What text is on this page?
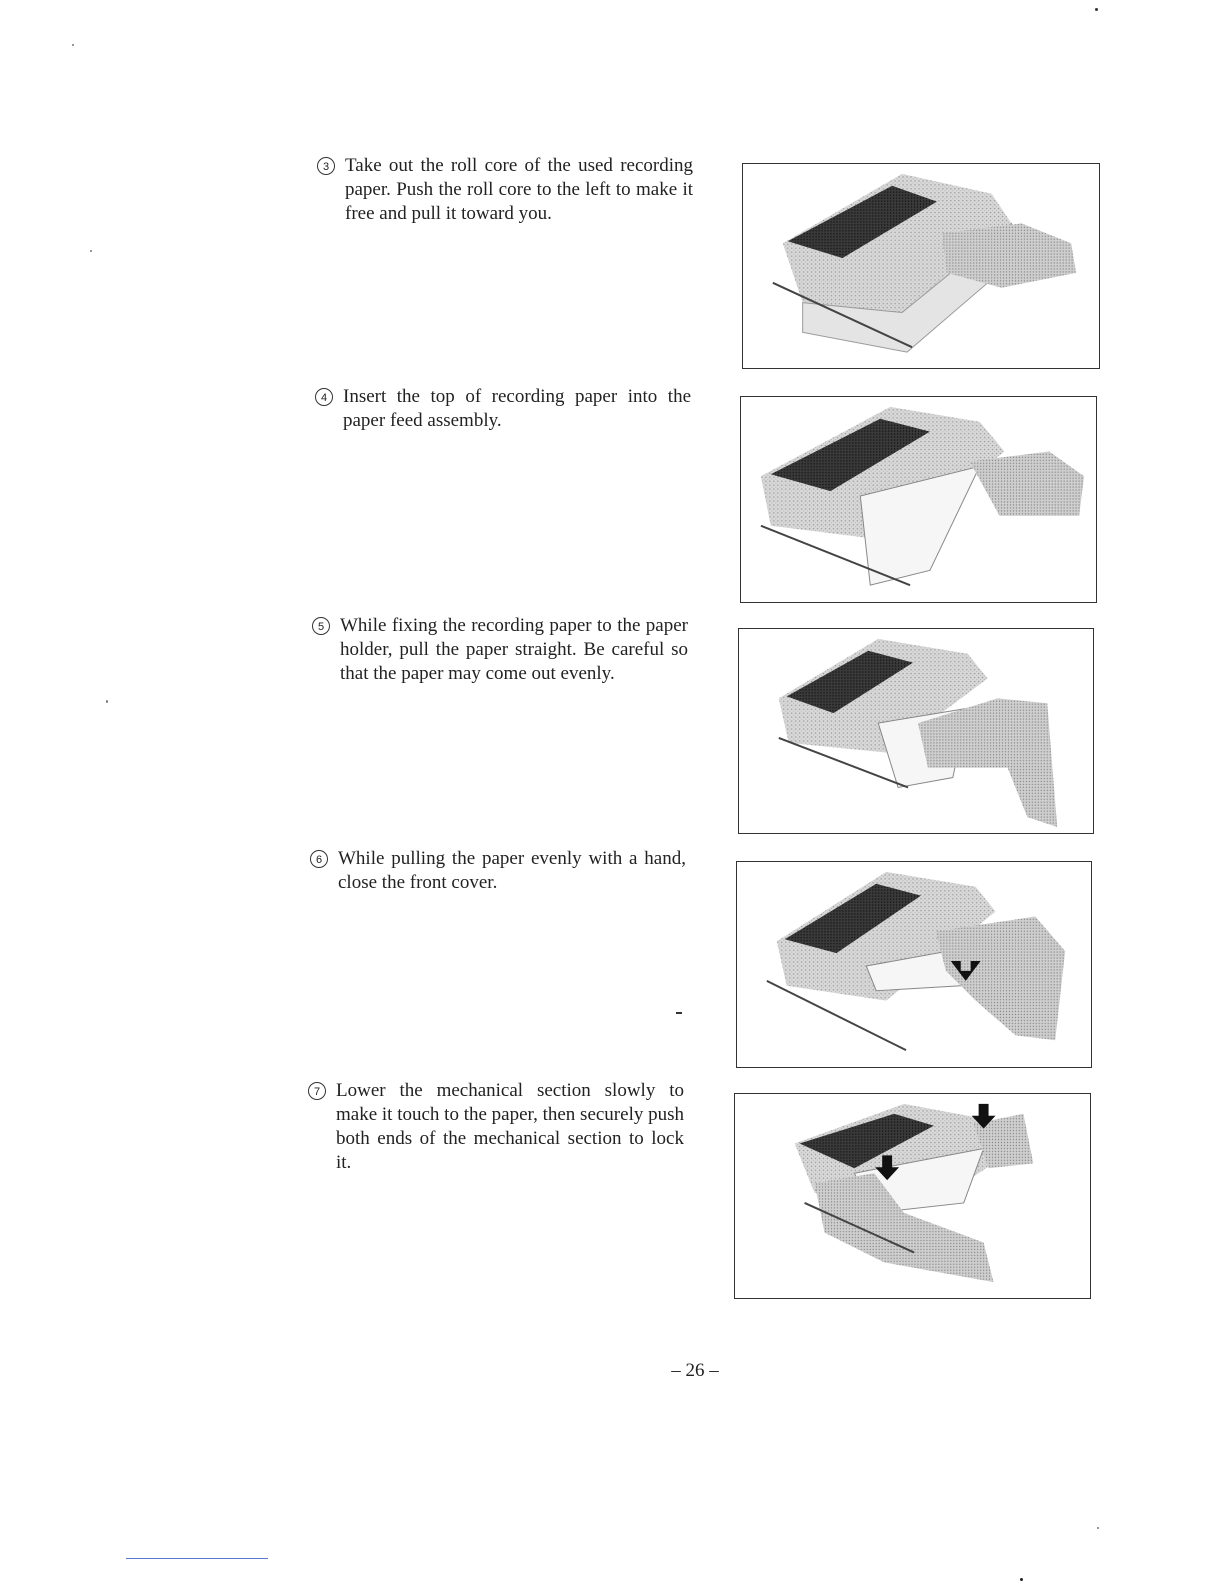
3 Take out the roll core of the used recording paper. Push the roll core to the left to make it free and pull it toward you.
4 Insert the top of recording paper into the paper feed assembly.
5 While fixing the recording paper to the paper holder, pull the paper straight. Be careful so that the paper may come out evenly.
6 While pulling the paper evenly with a hand, close the front cover.
7 Lower the mechanical section slowly to make it touch to the paper, then securely push both ends of the mechanical section to lock it.
– 26 –
